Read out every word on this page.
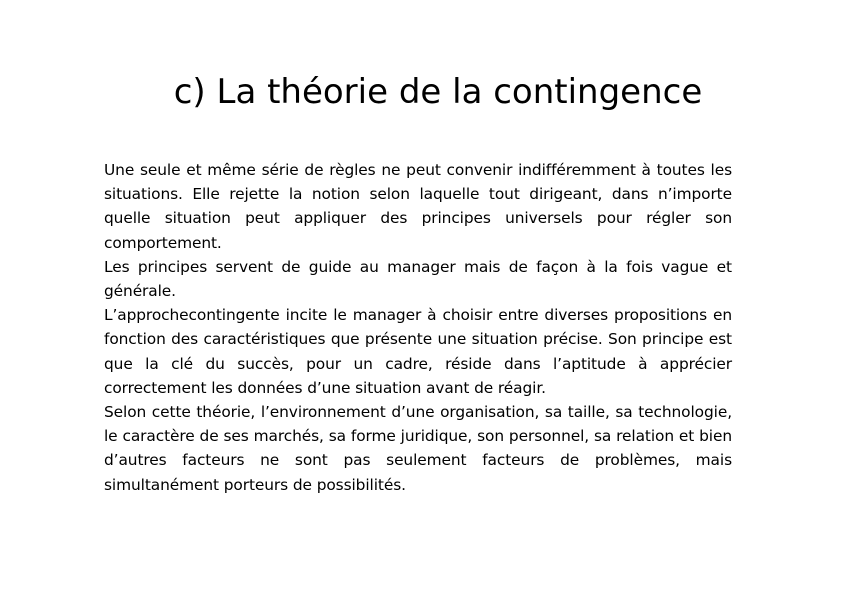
c) La théorie de la contingence

Une seule et même série de règles ne peut convenir indifféremment à toutes les situations. Elle rejette la notion selon laquelle tout dirigeant, dans n’importe quelle situation peut appliquer des principes universels pour régler son comportement.

Les principes servent de guide au manager mais de façon à la fois vague et générale.

L’approchecontingente incite le manager à choisir entre diverses propositions en fonction des caractéristiques que présente une situation précise. Son principe est que la clé du succès, pour un cadre, réside dans l’aptitude à apprécier correctement les données d’une situation avant de réagir.

Selon cette théorie, l’environnement d’une organisation, sa taille, sa technologie, le caractère de ses marchés, sa forme juridique, son personnel, sa relation et bien d’autres facteurs ne sont pas seulement facteurs de problèmes, mais simultanément porteurs de possibilités.
